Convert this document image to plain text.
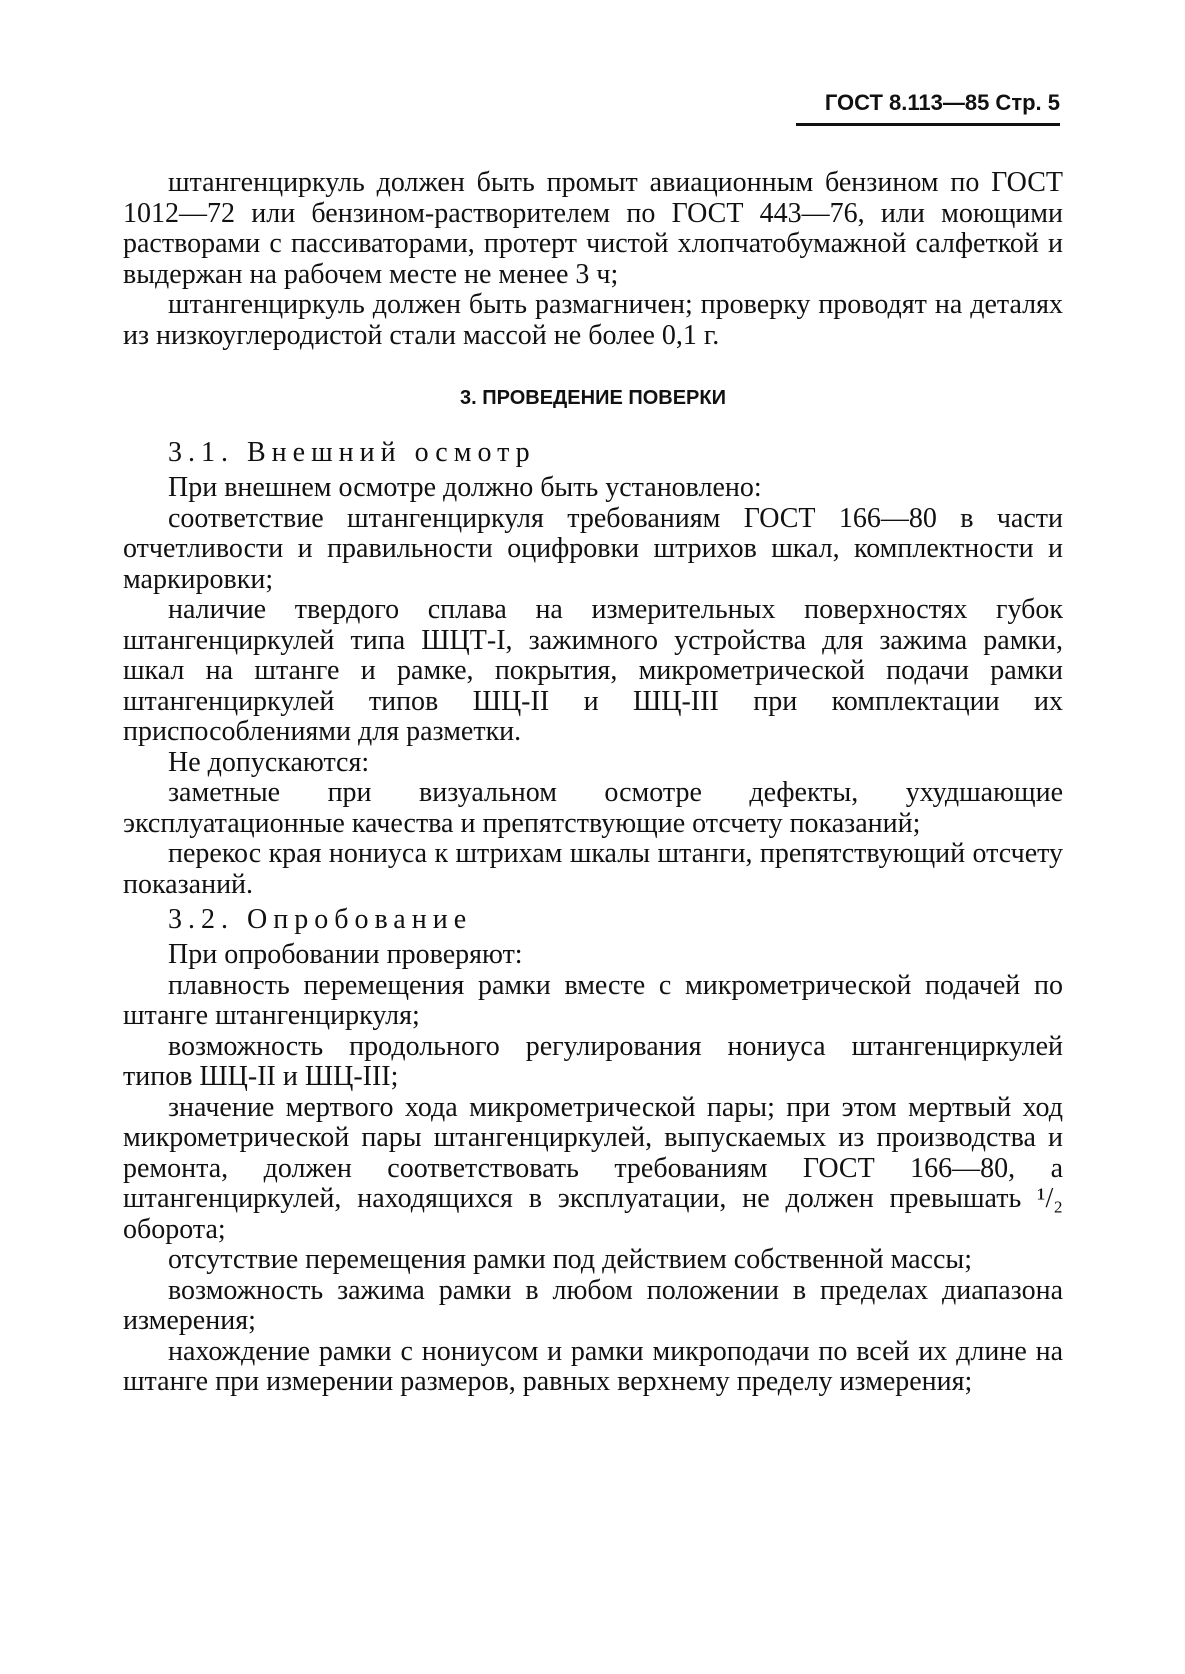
ГОСТ 8.113—85 Стр. 5

штангенциркуль должен быть промыт авиационным бензином по ГОСТ 1012—72 или бензином-растворителем по ГОСТ 443—76, или моющими растворами с пассиваторами, протерт чистой хлопчатобумажной салфеткой и выдержан на рабочем месте не менее 3 ч;

штангенциркуль должен быть размагничен; проверку проводят на деталях из низкоуглеродистой стали массой не более 0,1 г.

3. ПРОВЕДЕНИЕ ПОВЕРКИ
3.1. Внешний осмотр

При внешнем осмотре должно быть установлено:

соответствие штангенциркуля требованиям ГОСТ 166—80 в части отчетливости и правильности оцифровки штрихов шкал, комплектности и маркировки;

наличие твердого сплава на измерительных поверхностях губок штангенциркулей типа ШЦТ-I, зажимного устройства для зажима рамки, шкал на штанге и рамке, покрытия, микрометрической подачи рамки штангенциркулей типов ШЦ-II и ШЦ-III при комплектации их приспособлениями для разметки.

Не допускаются:

заметные при визуальном осмотре дефекты, ухудшающие эксплуатационные качества и препятствующие отсчету показаний;

перекос края нониуса к штрихам шкалы штанги, препятствующий отсчету показаний.

3.2. Опробование

При опробовании проверяют:

плавность перемещения рамки вместе с микрометрической подачей по штанге штангенциркуля;

возможность продольного регулирования нониуса штангенциркулей типов ШЦ-II и ШЦ-III;

значение мертвого хода микрометрической пары; при этом мертвый ход микрометрической пары штангенциркулей, выпускаемых из производства и ремонта, должен соответствовать требованиям ГОСТ 166—80, а штангенциркулей, находящихся в эксплуатации, не должен превышать ¹/₂ оборота;

отсутствие перемещения рамки под действием собственной массы;

возможность зажима рамки в любом положении в пределах диапазона измерения;

нахождение рамки с нониусом и рамки микроподачи по всей их длине на штанге при измерении размеров, равных верхнему пределу измерения;
